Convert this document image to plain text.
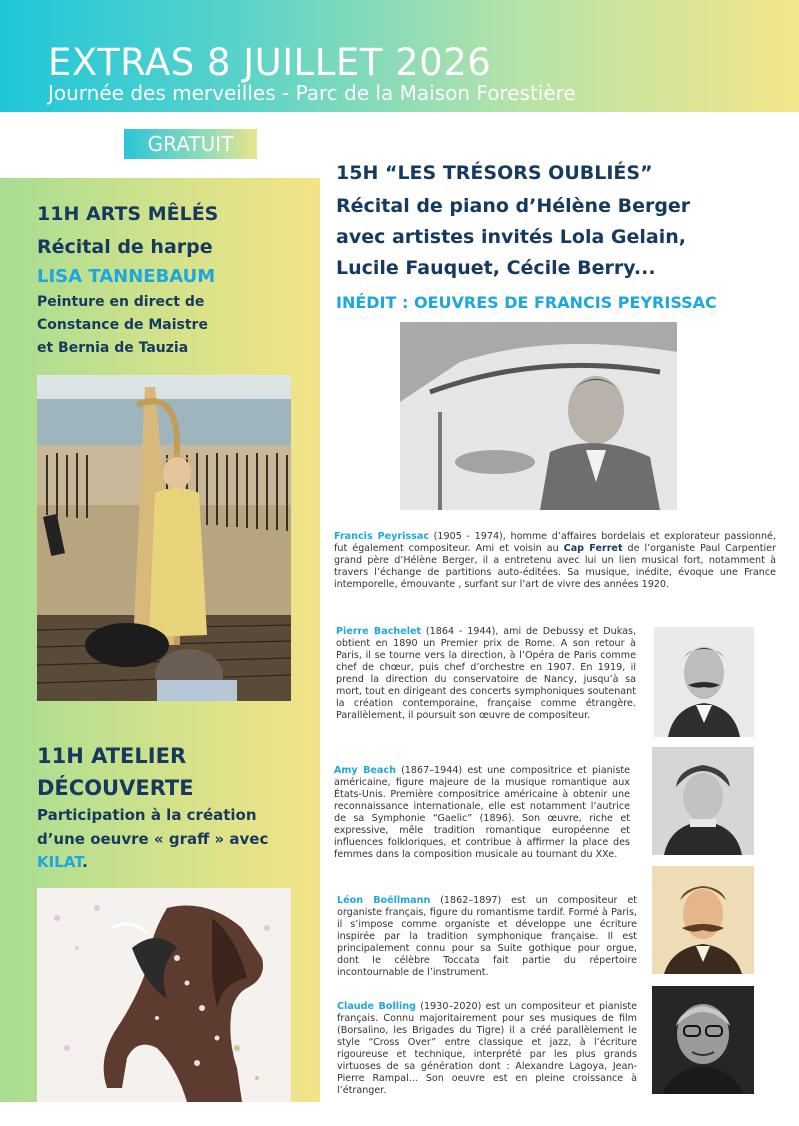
EXTRAS 8 JUILLET 2026
Journée des merveilles - Parc de la Maison Forestière
GRATUIT
11H ARTS MÊLÉS
Récital de harpe
LISA TANNEBAUM
Peinture en direct de
Constance de Maistre
et Bernia de Tauzia
11H ATELIER
DÉCOUVERTE
Participation à la création
d’une oeuvre « graff » avec
KILAT.
15H “LES TRÉSORS OUBLIÉS”
Récital de piano d’Hélène Berger
avec artistes invités Lola Gelain,
Lucile Fauquet, Cécile Berry...
INÉDIT : OEUVRES DE FRANCIS PEYRISSAC
Francis Peyrissac (1905 - 1974), homme d’affaires bordelais et explorateur passionné, fut également compositeur. Ami et voisin au Cap Ferret de l’organiste Paul Carpentier grand père d’Hélène Berger, il a entretenu avec lui un lien musical fort, notamment à travers l’échange de partitions auto-éditées. Sa musique, inédite, évoque une France intemporelle, émouvante , surfant sur l’art de vivre des années 1920.
Pierre Bachelet (1864 - 1944), ami de Debussy et Dukas, obtient en 1890 un Premier prix de Rome. A son retour à Paris, il se tourne vers la direction, à l’Opéra de Paris comme chef de chœur, puis chef d’orchestre en 1907. En 1919, il prend la direction du conservatoire de Nancy, jusqu’à sa mort, tout en dirigeant des concerts symphoniques soutenant la création contemporaine, française comme étrangère. Parallèlement, il poursuit son œuvre de compositeur.
Amy Beach (1867–1944) est une compositrice et pianiste américaine, figure majeure de la musique romantique aux États-Unis. Première compositrice américaine à obtenir une reconnaissance internationale, elle est notamment l’autrice de sa Symphonie “Gaelic” (1896). Son œuvre, riche et expressive, mêle tradition romantique européenne et influences folkloriques, et contribue à affirmer la place des femmes dans la composition musicale au tournant du XXe.
Léon Boëllmann (1862–1897) est un compositeur et organiste français, figure du romantisme tardif. Formé à Paris, il s’impose comme organiste et développe une écriture inspirée par la tradition symphonique française. Il est principalement connu pour sa Suite gothique pour orgue, dont le célèbre Toccata fait partie du répertoire incontournable de l’instrument.
Claude Bolling (1930–2020) est un compositeur et pianiste français. Connu majoritairement pour ses musiques de film (Borsalino, les Brigades du Tigre) il a créé parallèlement le style “Cross Over” entre classique et jazz, à l’écriture rigoureuse et technique, interprété par les plus grands virtuoses de sa génération dont : Alexandre Lagoya, Jean-Pierre Rampal... Son oeuvre est en pleine croissance à l’étranger.
